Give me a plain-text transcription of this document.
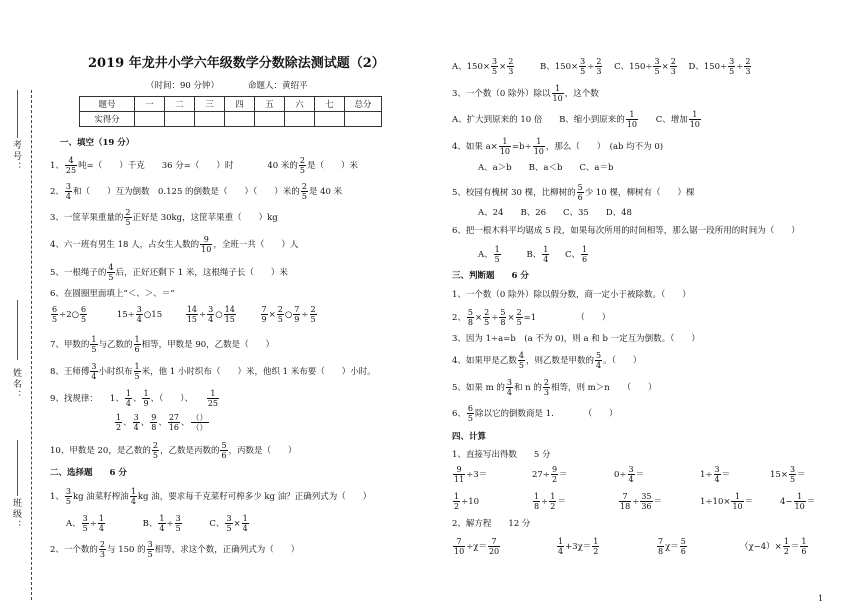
考号：
姓名：
班级：
2019 年龙井小学六年级数学分数除法测试题（2）
（时间：90 分钟）	命题人：黄绍平
题号	一	二	三	四	五	六	七	总分
实得分								
一、填空（19 分）
1、 $\frac{4}{25}$ 吨=（　　）千克　　36 分=（　　）时　　　　40 米的 $\frac{2}{5}$ 是（　　）米
2、 $\frac{3}{4}$ 和（　　）互为倒数　0.125 的倒数是（　　）（　　）米的 $\frac{2}{5}$ 是 40 米
3、一筐苹果重量的 $\frac{2}{5}$ 正好是 30kg，这筐苹果重（　　）kg
4、六一班有男生 18 人，占女生人数的 $\frac{9}{10}$ ，全班一共（　　）人
5、一根绳子的 $\frac{4}{5}$ 后，正好还剩下 1 米，这根绳子长（　　）米
6、在圆圈里面填上“＜、＞、＝”
$\frac{6}{5}$ ÷2○ $\frac{6}{5}$	$15\div \frac{3}{4}$ ○15	$\frac{14}{15} \div \frac{3}{4}$ ○ $\frac{14}{15}$
	$\frac{7}{9} \times \frac{2}{5}$ ○ $\frac{7}{9} \div \frac{2}{5}$
7、甲数的 $\frac{1}{5}$ 与乙数的 $\frac{1}{6}$ 相等，甲数是 90，乙数是（　　）
8、王师傅 $\frac{3}{4}$ 小时织布 $\frac{1}{5}$ 米，他 1 小时织布（　　）米，他织 1 米布要（　　）小时。
9、找规律： 1、 $\frac{1}{4}$ 、 $\frac{1}{9}$ 、（　　）、　　 $\frac{1}{25}$
$\frac{1}{2}$ 、 $\frac{3}{4}$ 、 $\frac{9}{8}$ 、 $\frac{27}{16}$ 、 $\frac{()}{()}$
10、甲数是 20，是乙数的 $\frac{2}{5}$ ，乙数是丙数的 $\frac{5}{6}$ ，丙数是（　　）
二、选择题　　6 分
1、 $\frac{3}{5}$ kg 油菜籽榨油 $\frac{1}{4}$ kg 油，要求每千克菜籽可榨多少 kg 油？正确列式为（　　）
A、 $\frac{3}{5} \div \frac{1}{4}$	B、 $\frac{1}{4} \div \frac{3}{5}$	C、 $\frac{3}{5} \times \frac{1}{4}$
2、一个数的 $\frac{2}{3}$ 与 150 的 $\frac{3}{5}$ 相等，求这个数，正确列式为（　　）
A、$150\times \frac{3}{5} \times \frac{2}{3}$	B、$150\times \frac{3}{5} \div \frac{2}{3}$ C、$150\div \frac{3}{5} \times \frac{2}{3}$ D、$150\div \frac{3}{5} \div \frac{2}{3}$
3、一个数（0 除外）除以 $\frac{1}{10}$ ，这个数
A、扩大到原来的 10 倍 B、缩小到原来的 $\frac{1}{10}$ C、增加 $\frac{1}{10}$
4、如果 $a\times \frac{1}{10} =b\div \frac{1}{10}$ ，那么（　　）　(ab 均不为 0)
A、a＞b　　B、a＜b　　C、a＝b
5、校园有槐树 30 棵，比柳树的 $\frac{5}{6}$ 少 10 棵，柳树有（　　）棵
A、24　　B、26　　C、35　　D、48
6、把一根木料平均锯成 5 段，如果每次所用的时间相等，那么锯一段所用的时间为（　　）
A、 $\frac{1}{5}$	B、 $\frac{1}{4}$ C、 $\frac{1}{6}$
三、判断题　　6 分
1、一个数（0 除外）除以假分数，商一定小于被除数。（　　）
2、 $\frac{5}{8} \times \frac{2}{5} \div \frac{5}{8} \times \frac{2}{5} =1$	（　　）
3、因为 1÷a=b　(a 不为 0)，则 a 和 b 一定互为倒数。（　　）
4、如果甲是乙数 $\frac{4}{5}$ ，则乙数是甲数的 $\frac{5}{4}$ 。（　　）
5、如果 m 的 $\frac{3}{4}$ 和 n 的 $\frac{2}{3}$ 相等，则 m＞n　　（　　）
6、 $\frac{6}{5}$ 除以它的倒数商是 1.　　　　（　　）
四、计算
1、直接写出得数　　5 分
$\frac{9}{11} \div 3=$	$27\div \frac{9}{2}$ ＝	$0\div \frac{3}{4}$ ＝	$1\div \frac{3}{4}$ ＝	$15\times \frac{3}{5}$ ＝
$\frac{1}{2} \div 10$	$\frac{1}{8} \div \frac{1}{2}$ ＝	$\frac{7}{18} \div \frac{35}{36}$ ＝	$1\div 10\times \frac{1}{10}$ ＝	$4- \frac{1}{10}$ ＝
2、解方程　　12 分
$\frac{7}{10} \div\chi= \frac{7}{20}$	$\frac{1}{4} +3\chi= \frac{1}{2}$	$\frac{7}{8} \chi= \frac{5}{6}$	$(\chi-4)\times \frac{1}{2} = \frac{1}{6}$
1
